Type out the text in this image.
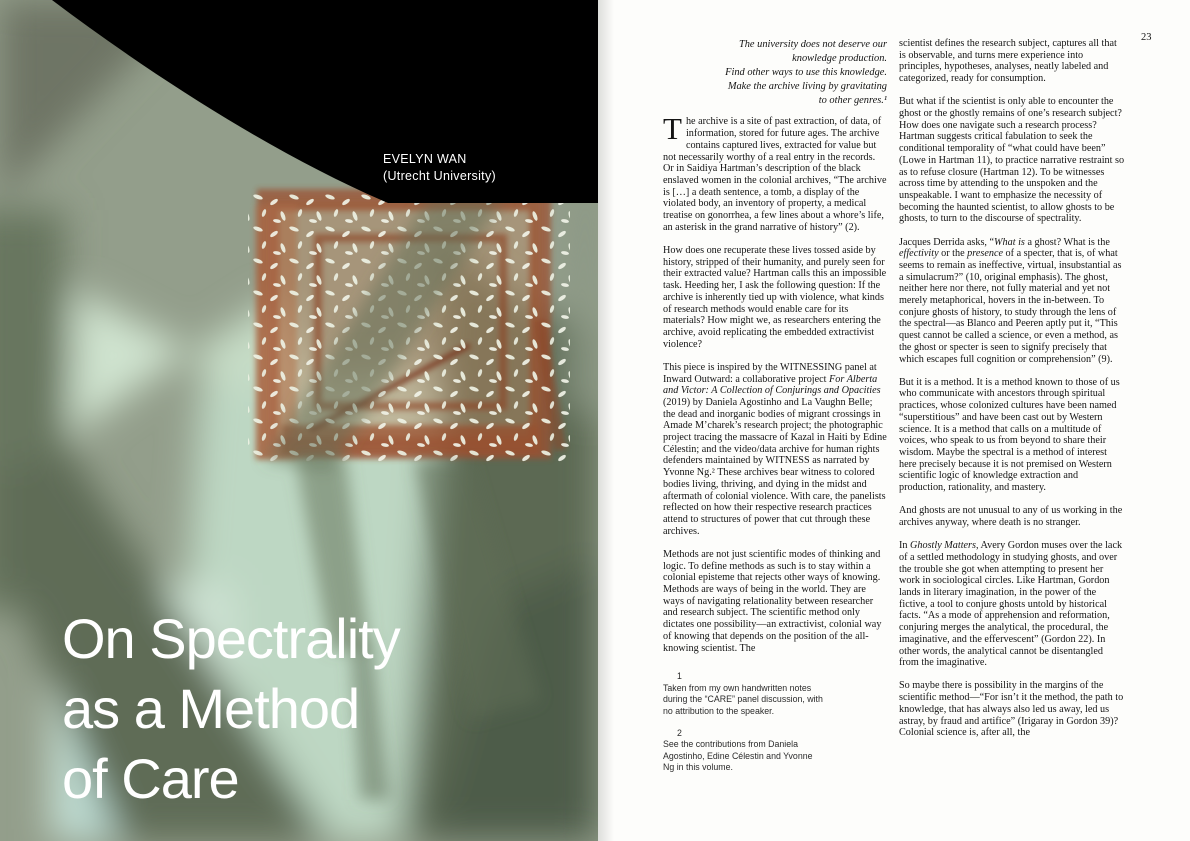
EVELYN WAN
(Utrecht University)
On Spectrality
as a Method
of Care
23
The university does not deserve our
knowledge production.
Find other ways to use this knowledge.
Make the archive living by gravitating
to other genres.¹

The archive is a site of past extraction, of data, of information, stored for future ages. The archive contains captured lives, extracted for value but not necessarily worthy of a real entry in the records. Or in Saidiya Hartman’s description of the black enslaved women in the colonial archives, “The archive is […] a death sentence, a tomb, a display of the violated body, an inventory of property, a medical treatise on gonorrhea, a few lines about a whore’s life, an asterisk in the grand narrative of history” (2).

How does one recuperate these lives tossed aside by history, stripped of their humanity, and purely seen for their extracted value? Hartman calls this an impossible task. Heeding her, I ask the following question: If the archive is inherently tied up with violence, what kinds of research methods would enable care for its materials? How might we, as researchers entering the archive, avoid replicating the embedded extractivist violence?

This piece is inspired by the WITNESSING panel at Inward Outward: a collaborative project For Alberta and Victor: A Collection of Conjurings and Opacities (2019) by Daniela Agostinho and La Vaughn Belle; the dead and inorganic bodies of migrant crossings in Amade M’charek’s research project; the photographic project tracing the massacre of Kazal in Haiti by Edine Célestin; and the video/data archive for human rights defenders maintained by WITNESS as narrated by Yvonne Ng.² These archives bear witness to colored bodies living, thriving, and dying in the midst and aftermath of colonial violence. With care, the panelists reflected on how their respective research practices attend to structures of power that cut through these archives.

Methods are not just scientific modes of thinking and logic. To define methods as such is to stay within a colonial episteme that rejects other ways of knowing. Methods are ways of being in the world. They are ways of navigating relationality between researcher and research subject. The scientific method only dictates one possibility—an extractivist, colonial way of knowing that depends on the position of the all-knowing scientist. The

1
Taken from my own handwritten notes during the “CARE” panel discussion, with no attribution to the speaker.
2
See the contributions from Daniela Agostinho, Edine Célestin and Yvonne Ng in this volume.

scientist defines the research subject, captures all that is observable, and turns mere experience into principles, hypotheses, analyses, neatly labeled and categorized, ready for consumption.

But what if the scientist is only able to encounter the ghost or the ghostly remains of one’s research subject? How does one navigate such a research process? Hartman suggests critical fabulation to seek the conditional temporality of “what could have been” (Lowe in Hartman 11), to practice narrative restraint so as to refuse closure (Hartman 12). To be witnesses across time by attending to the unspoken and the unspeakable. I want to emphasize the necessity of becoming the haunted scientist, to allow ghosts to be ghosts, to turn to the discourse of spectrality.

Jacques Derrida asks, “What is a ghost? What is the effectivity or the presence of a specter, that is, of what seems to remain as ineffective, virtual, insubstantial as a simulacrum?” (10, original emphasis). The ghost, neither here nor there, not fully material and yet not merely metaphorical, hovers in the in-between. To conjure ghosts of history, to study through the lens of the spectral—as Blanco and Peeren aptly put it, “This quest cannot be called a science, or even a method, as the ghost or specter is seen to signify precisely that which escapes full cognition or comprehension” (9).

But it is a method. It is a method known to those of us who communicate with ancestors through spiritual practices, whose colonized cultures have been named “superstitious” and have been cast out by Western science. It is a method that calls on a multitude of voices, who speak to us from beyond to share their wisdom. Maybe the spectral is a method of interest here precisely because it is not premised on Western scientific logic of knowledge extraction and production, rationality, and mastery.

And ghosts are not unusual to any of us working in the archives anyway, where death is no stranger.

In Ghostly Matters, Avery Gordon muses over the lack of a settled methodology in studying ghosts, and over the trouble she got when attempting to present her work in sociological circles. Like Hartman, Gordon lands in literary imagination, in the power of the fictive, a tool to conjure ghosts untold by historical facts. “As a mode of apprehension and reformation, conjuring merges the analytical, the procedural, the imaginative, and the effervescent” (Gordon 22). In other words, the analytical cannot be disentangled from the imaginative.

So maybe there is possibility in the margins of the scientific method—“For isn’t it the method, the path to knowledge, that has always also led us away, led us astray, by fraud and artifice” (Irigaray in Gordon 39)? Colonial science is, after all, the
